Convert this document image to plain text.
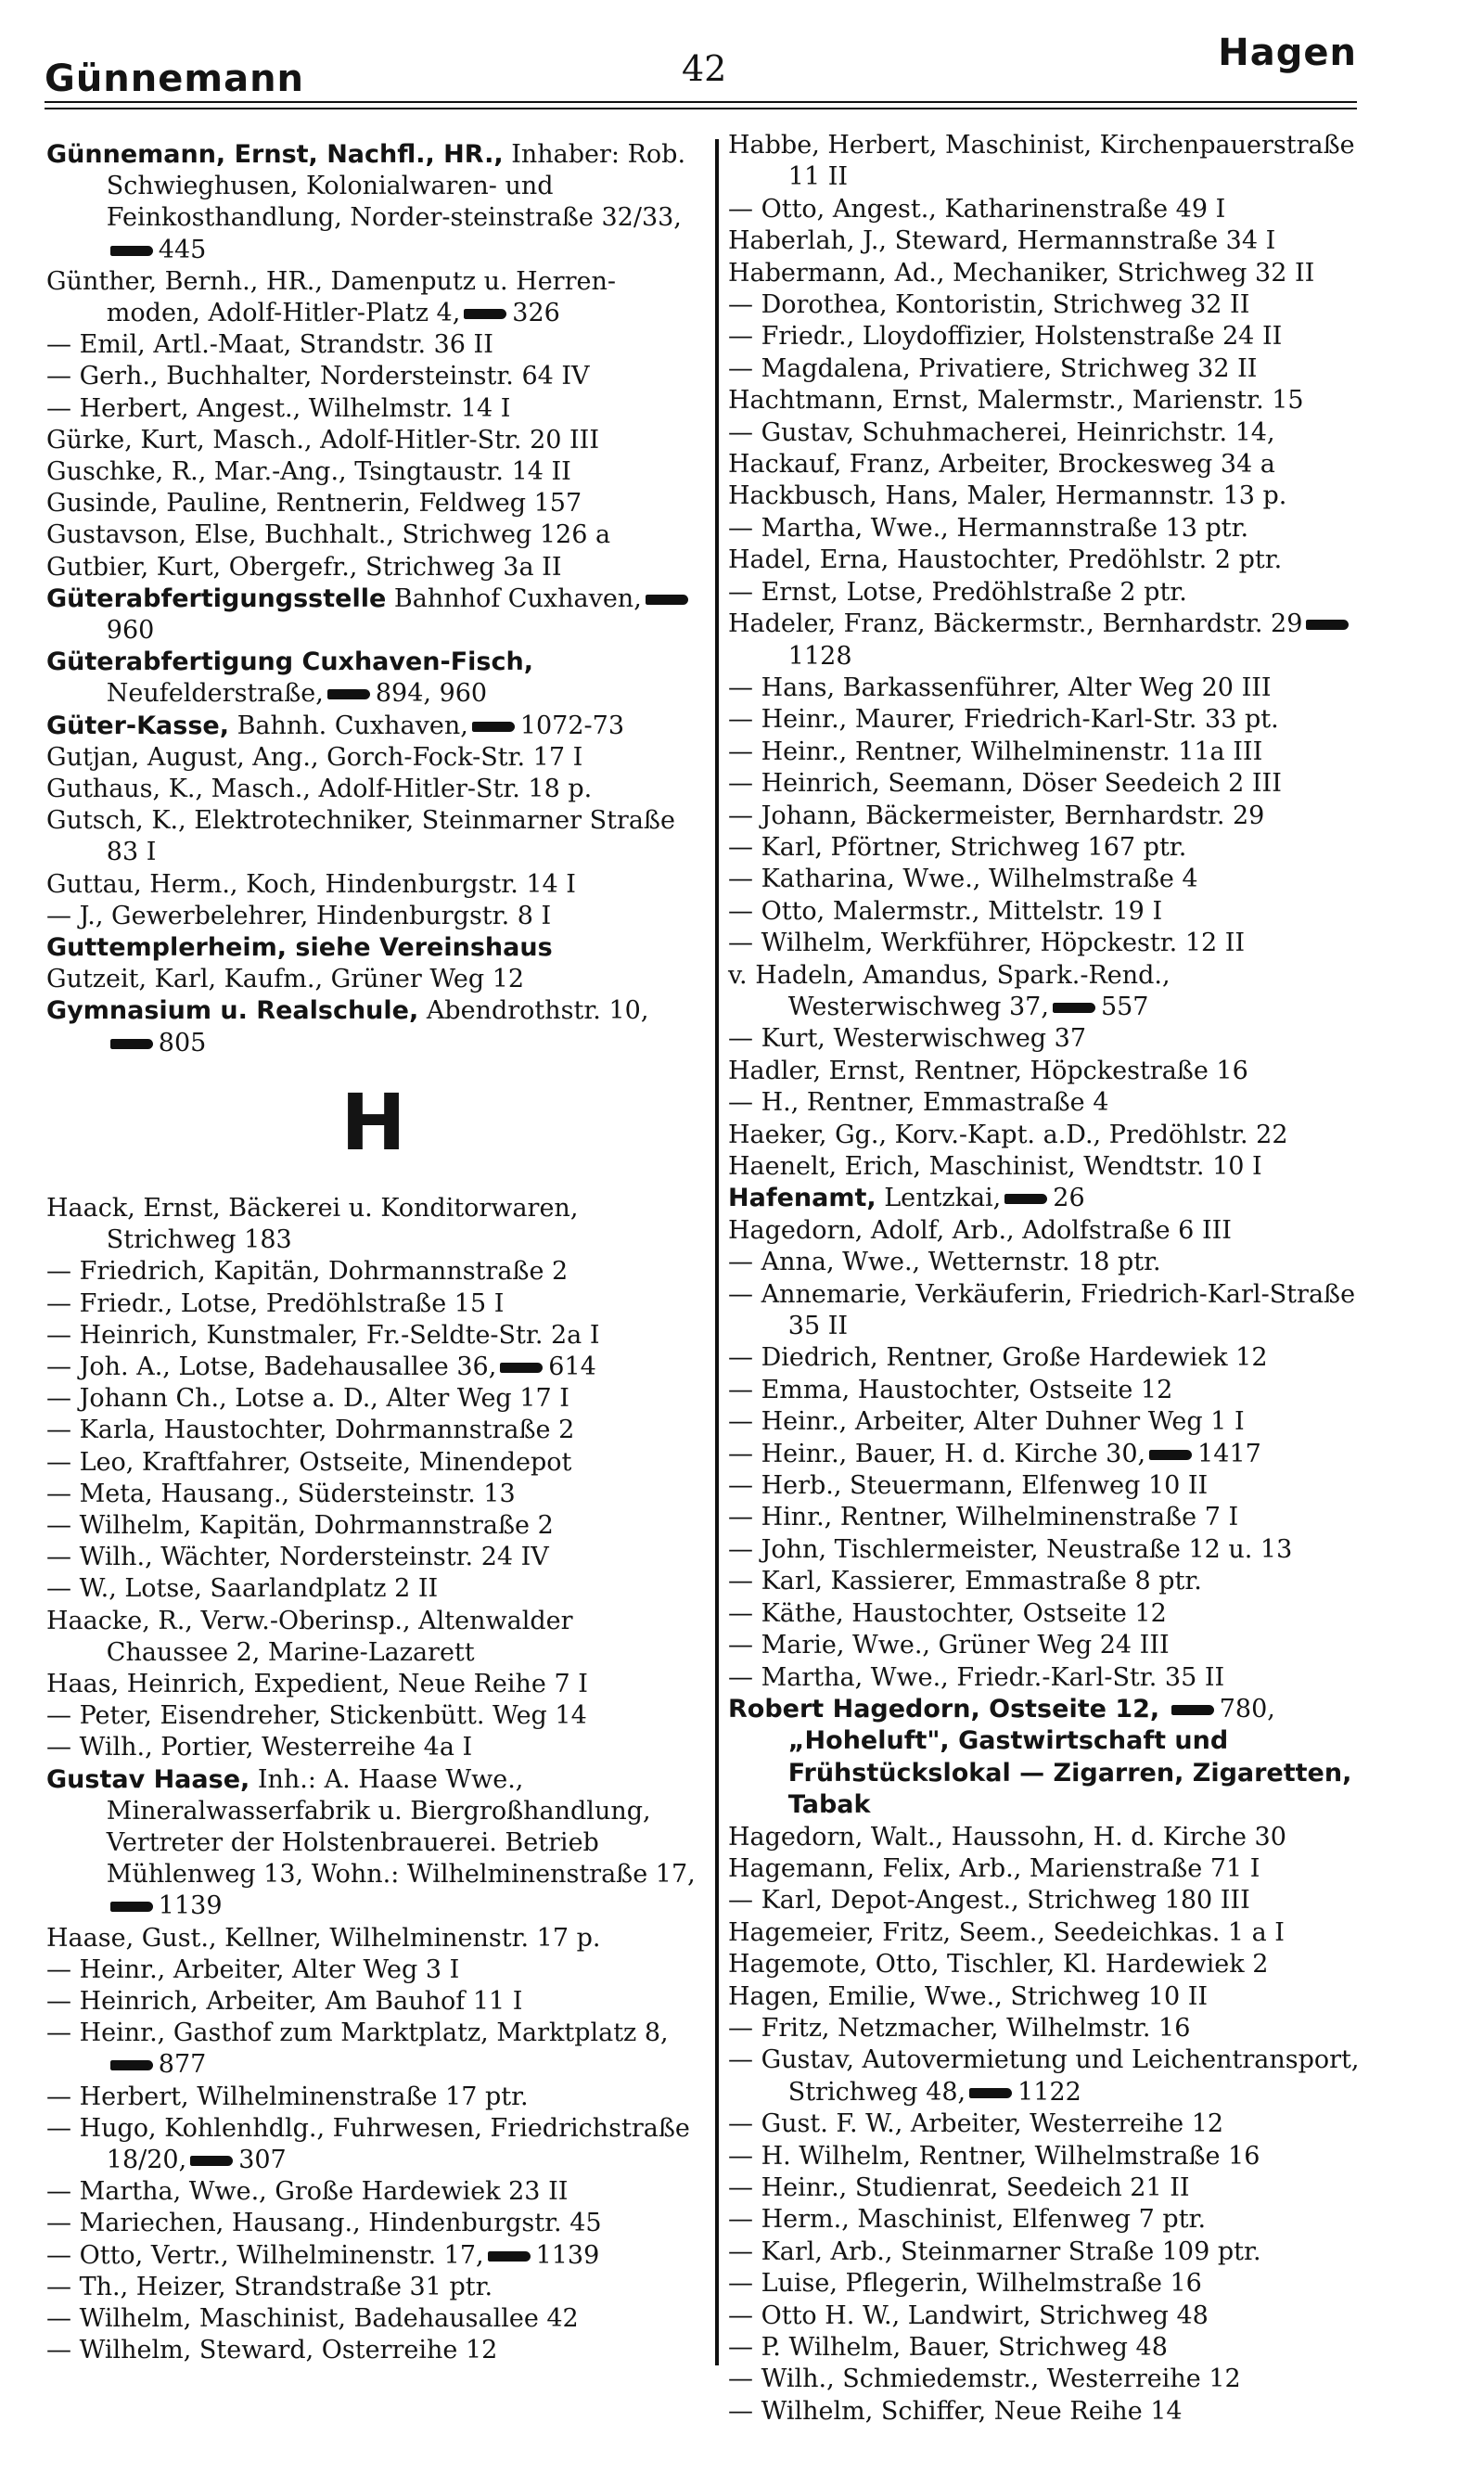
Günnemann	42	Hagen

Günnemann, Ernst, Nachfl., HR., Inhaber: Rob. Schwieghusen, Kolonialwaren- und Feinkosthandlung, Norder-steinstraße 32/33,445

Günther, Bernh., HR., Damenputz u. Herren-moden, Adolf-Hitler-Platz 4, 326

— Emil, Artl.-Maat, Strandstr. 36 II

— Gerh., Buchhalter, Nordersteinstr. 64 IV

— Herbert, Angest., Wilhelmstr. 14 I

Gürke, Kurt, Masch., Adolf-Hitler-Str. 20 III

Guschke, R., Mar.-Ang., Tsingtaustr. 14 II

Gusinde, Pauline, Rentnerin, Feldweg 157

Gustavson, Else, Buchhalt., Strichweg 126 a

Gutbier, Kurt, Obergefr., Strichweg 3a II

Güterabfertigungsstelle Bahnhof Cuxhaven,960

Güterabfertigung Cuxhaven-Fisch, Neufelderstraße, 894, 960

Güter-Kasse, Bahnh. Cuxhaven, 1072-73

Gutjan, August, Ang., Gorch-Fock-Str. 17 I

Guthaus, K., Masch., Adolf-Hitler-Str. 18 p.

Gutsch, K., Elektrotechniker, Steinmarner Straße 83 I

Guttau, Herm., Koch, Hindenburgstr. 14 I

— J., Gewerbelehrer, Hindenburgstr. 8 I

Guttemplerheim, siehe Vereinshaus

Gutzeit, Karl, Kaufm., Grüner Weg 12

Gymnasium u. Realschule, Abendrothstr. 10,805

H

Haack, Ernst, Bäckerei u. Konditorwaren, Strichweg 183

— Friedrich, Kapitän, Dohrmannstraße 2

— Friedr., Lotse, Predöhlstraße 15 I

— Heinrich, Kunstmaler, Fr.-Seldte-Str. 2a I

— Joh. A., Lotse, Badehausallee 36, 614

— Johann Ch., Lotse a. D., Alter Weg 17 I

— Karla, Haustochter, Dohrmannstraße 2

— Leo, Kraftfahrer, Ostseite, Minendepot

— Meta, Hausang., Südersteinstr. 13

— Wilhelm, Kapitän, Dohrmannstraße 2

— Wilh., Wächter, Nordersteinstr. 24 IV

— W., Lotse, Saarlandplatz 2 II

Haacke, R., Verw.-Oberinsp., Altenwalder Chaussee 2, Marine-Lazarett

Haas, Heinrich, Expedient, Neue Reihe 7 I

— Peter, Eisendreher, Stickenbütt. Weg 14

— Wilh., Portier, Westerreihe 4a I

Gustav Haase, Inh.: A. Haase Wwe., Mineralwasserfabrik u. Biergroßhandlung, Vertreter der Holstenbrauerei. Betrieb Mühlenweg 13, Wohn.: Wilhelminenstraße 17,1139

Haase, Gust., Kellner, Wilhelminenstr. 17 p.

— Heinr., Arbeiter, Alter Weg 3 I

— Heinrich, Arbeiter, Am Bauhof 11 I

— Heinr., Gasthof zum Marktplatz, Marktplatz 8,877

— Herbert, Wilhelminenstraße 17 ptr.

— Hugo, Kohlenhdlg., Fuhrwesen, Friedrichstraße 18/20, 307

— Martha, Wwe., Große Hardewiek 23 II

— Mariechen, Hausang., Hindenburgstr. 45

— Otto, Vertr., Wilhelminenstr. 17, 1139

— Th., Heizer, Strandstraße 31 ptr.

— Wilhelm, Maschinist, Badehausallee 42

— Wilhelm, Steward, Osterreihe 12

Habbe, Herbert, Maschinist, Kirchenpauerstraße 11 II

— Otto, Angest., Katharinenstraße 49 I

Haberlah, J., Steward, Hermannstraße 34 I

Habermann, Ad., Mechaniker, Strichweg 32 II

— Dorothea, Kontoristin, Strichweg 32 II

— Friedr., Lloydoffizier, Holstenstraße 24 II

— Magdalena, Privatiere, Strichweg 32 II

Hachtmann, Ernst, Malermstr., Marienstr. 15

— Gustav, Schuhmacherei, Heinrichstr. 14,

Hackauf, Franz, Arbeiter, Brockesweg 34 a

Hackbusch, Hans, Maler, Hermannstr. 13 p.

— Martha, Wwe., Hermannstraße 13 ptr.

Hadel, Erna, Haustochter, Predöhlstr. 2 ptr.

— Ernst, Lotse, Predöhlstraße 2 ptr.

Hadeler, Franz, Bäckermstr., Bernhardstr. 291128

— Hans, Barkassenführer, Alter Weg 20 III

— Heinr., Maurer, Friedrich-Karl-Str. 33 pt.

— Heinr., Rentner, Wilhelminenstr. 11a III

— Heinrich, Seemann, Döser Seedeich 2 III

— Johann, Bäckermeister, Bernhardstr. 29

— Karl, Pförtner, Strichweg 167 ptr.

— Katharina, Wwe., Wilhelmstraße 4

— Otto, Malermstr., Mittelstr. 19 I

— Wilhelm, Werkführer, Höpckestr. 12 II

v. Hadeln, Amandus, Spark.-Rend., Westerwischweg 37, 557

— Kurt, Westerwischweg 37

Hadler, Ernst, Rentner, Höpckestraße 16

— H., Rentner, Emmastraße 4

Haeker, Gg., Korv.-Kapt. a.D., Predöhlstr. 22

Haenelt, Erich, Maschinist, Wendtstr. 10 I

Hafenamt, Lentzkai, 26

Hagedorn, Adolf, Arb., Adolfstraße 6 III

— Anna, Wwe., Wetternstr. 18 ptr.

— Annemarie, Verkäuferin, Friedrich-Karl-Straße 35 II

— Diedrich, Rentner, Große Hardewiek 12

— Emma, Haustochter, Ostseite 12

— Heinr., Arbeiter, Alter Duhner Weg 1 I

— Heinr., Bauer, H. d. Kirche 30, 1417

— Herb., Steuermann, Elfenweg 10 II

— Hinr., Rentner, Wilhelminenstraße 7 I

— John, Tischlermeister, Neustraße 12 u. 13

— Karl, Kassierer, Emmastraße 8 ptr.

— Käthe, Haustochter, Ostseite 12

— Marie, Wwe., Grüner Weg 24 III

— Martha, Wwe., Friedr.-Karl-Str. 35 II

Robert Hagedorn, Ostseite 12, 780, „Hoheluft", Gastwirtschaft und Frühstückslokal — Zigarren, Zigaretten, Tabak

Hagedorn, Walt., Haussohn, H. d. Kirche 30

Hagemann, Felix, Arb., Marienstraße 71 I

— Karl, Depot-Angest., Strichweg 180 III

Hagemeier, Fritz, Seem., Seedeichkas. 1 a I

Hagemote, Otto, Tischler, Kl. Hardewiek 2

Hagen, Emilie, Wwe., Strichweg 10 II

— Fritz, Netzmacher, Wilhelmstr. 16

— Gustav, Autovermietung und Leichentransport, Strichweg 48, 1122

— Gust. F. W., Arbeiter, Westerreihe 12

— H. Wilhelm, Rentner, Wilhelmstraße 16

— Heinr., Studienrat, Seedeich 21 II

— Herm., Maschinist, Elfenweg 7 ptr.

— Karl, Arb., Steinmarner Straße 109 ptr.

— Luise, Pflegerin, Wilhelmstraße 16

— Otto H. W., Landwirt, Strichweg 48

— P. Wilhelm, Bauer, Strichweg 48

— Wilh., Schmiedemstr., Westerreihe 12

— Wilhelm, Schiffer, Neue Reihe 14
